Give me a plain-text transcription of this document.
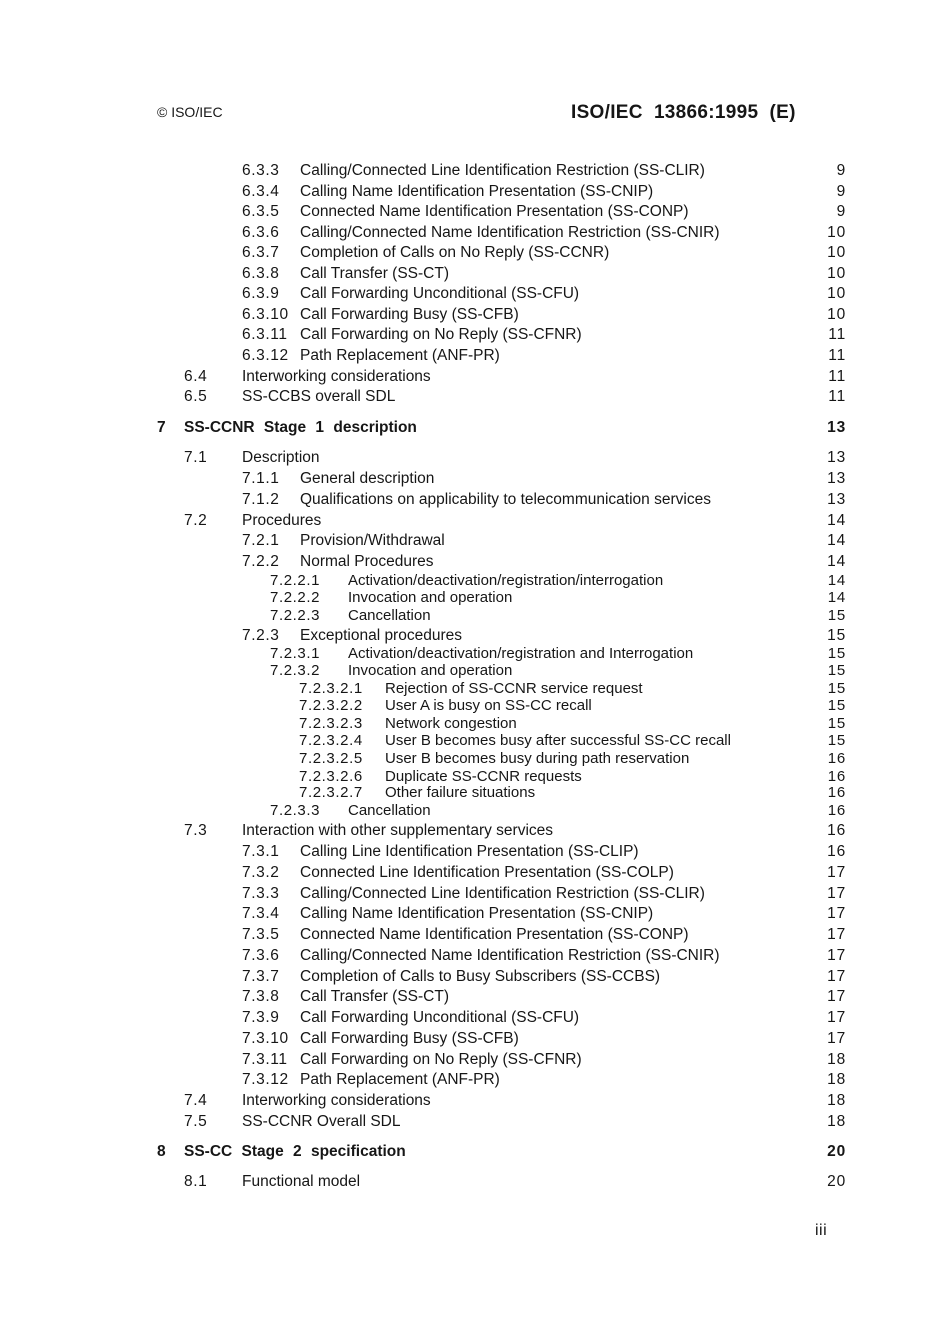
© ISO/IEC	ISO/IEC  13866:1995  (E)
6.3.3 Calling/Connected Line Identification Restriction (SS-CLIR)	9
6.3.4 Calling Name Identification Presentation (SS-CNIP)	9
6.3.5 Connected Name Identification Presentation (SS-CONP)	9
6.3.6 Calling/Connected Name Identification Restriction (SS-CNIR)	10
6.3.7 Completion of Calls on No Reply (SS-CCNR)	10
6.3.8 Call Transfer (SS-CT)	10
6.3.9 Call Forwarding Unconditional (SS-CFU)	10
6.3.10 Call Forwarding Busy (SS-CFB)	10
6.3.11 Call Forwarding on No Reply (SS-CFNR)	11
6.3.12 Path Replacement (ANF-PR)	11
6.4 Interworking considerations	11
6.5 SS-CCBS overall SDL	11
7 SS-CCNR Stage 1 description	13
7.1 Description	13
7.1.1 General description	13
7.1.2 Qualifications on applicability to telecommunication services	13
7.2 Procedures	14
7.2.1 Provision/Withdrawal	14
7.2.2 Normal Procedures	14
7.2.2.1 Activation/deactivation/registration/interrogation	14
7.2.2.2 Invocation and operation	14
7.2.2.3 Cancellation	15
7.2.3 Exceptional procedures	15
7.2.3.1 Activation/deactivation/registration and Interrogation	15
7.2.3.2 Invocation and operation	15
7.2.3.2.1 Rejection of SS-CCNR service request	15
7.2.3.2.2 User A is busy on SS-CC recall	15
7.2.3.2.3 Network congestion	15
7.2.3.2.4 User B becomes busy after successful SS-CC recall	15
7.2.3.2.5 User B becomes busy during path reservation	16
7.2.3.2.6 Duplicate SS-CCNR requests	16
7.2.3.2.7 Other failure situations	16
7.2.3.3 Cancellation	16
7.3 Interaction with other supplementary services	16
7.3.1 Calling Line Identification Presentation (SS-CLIP)	16
7.3.2 Connected Line Identification Presentation (SS-COLP)	17
7.3.3 Calling/Connected Line Identification Restriction (SS-CLIR)	17
7.3.4 Calling Name Identification Presentation (SS-CNIP)	17
7.3.5 Connected Name Identification Presentation (SS-CONP)	17
7.3.6 Calling/Connected Name Identification Restriction (SS-CNIR)	17
7.3.7 Completion of Calls to Busy Subscribers (SS-CCBS)	17
7.3.8 Call Transfer (SS-CT)	17
7.3.9 Call Forwarding Unconditional (SS-CFU)	17
7.3.10 Call Forwarding Busy (SS-CFB)	17
7.3.11 Call Forwarding on No Reply (SS-CFNR)	18
7.3.12 Path Replacement (ANF-PR)	18
7.4 Interworking considerations	18
7.5 SS-CCNR Overall SDL	18
8 SS-CC Stage 2 specification	20
8.1 Functional model	20
iii
